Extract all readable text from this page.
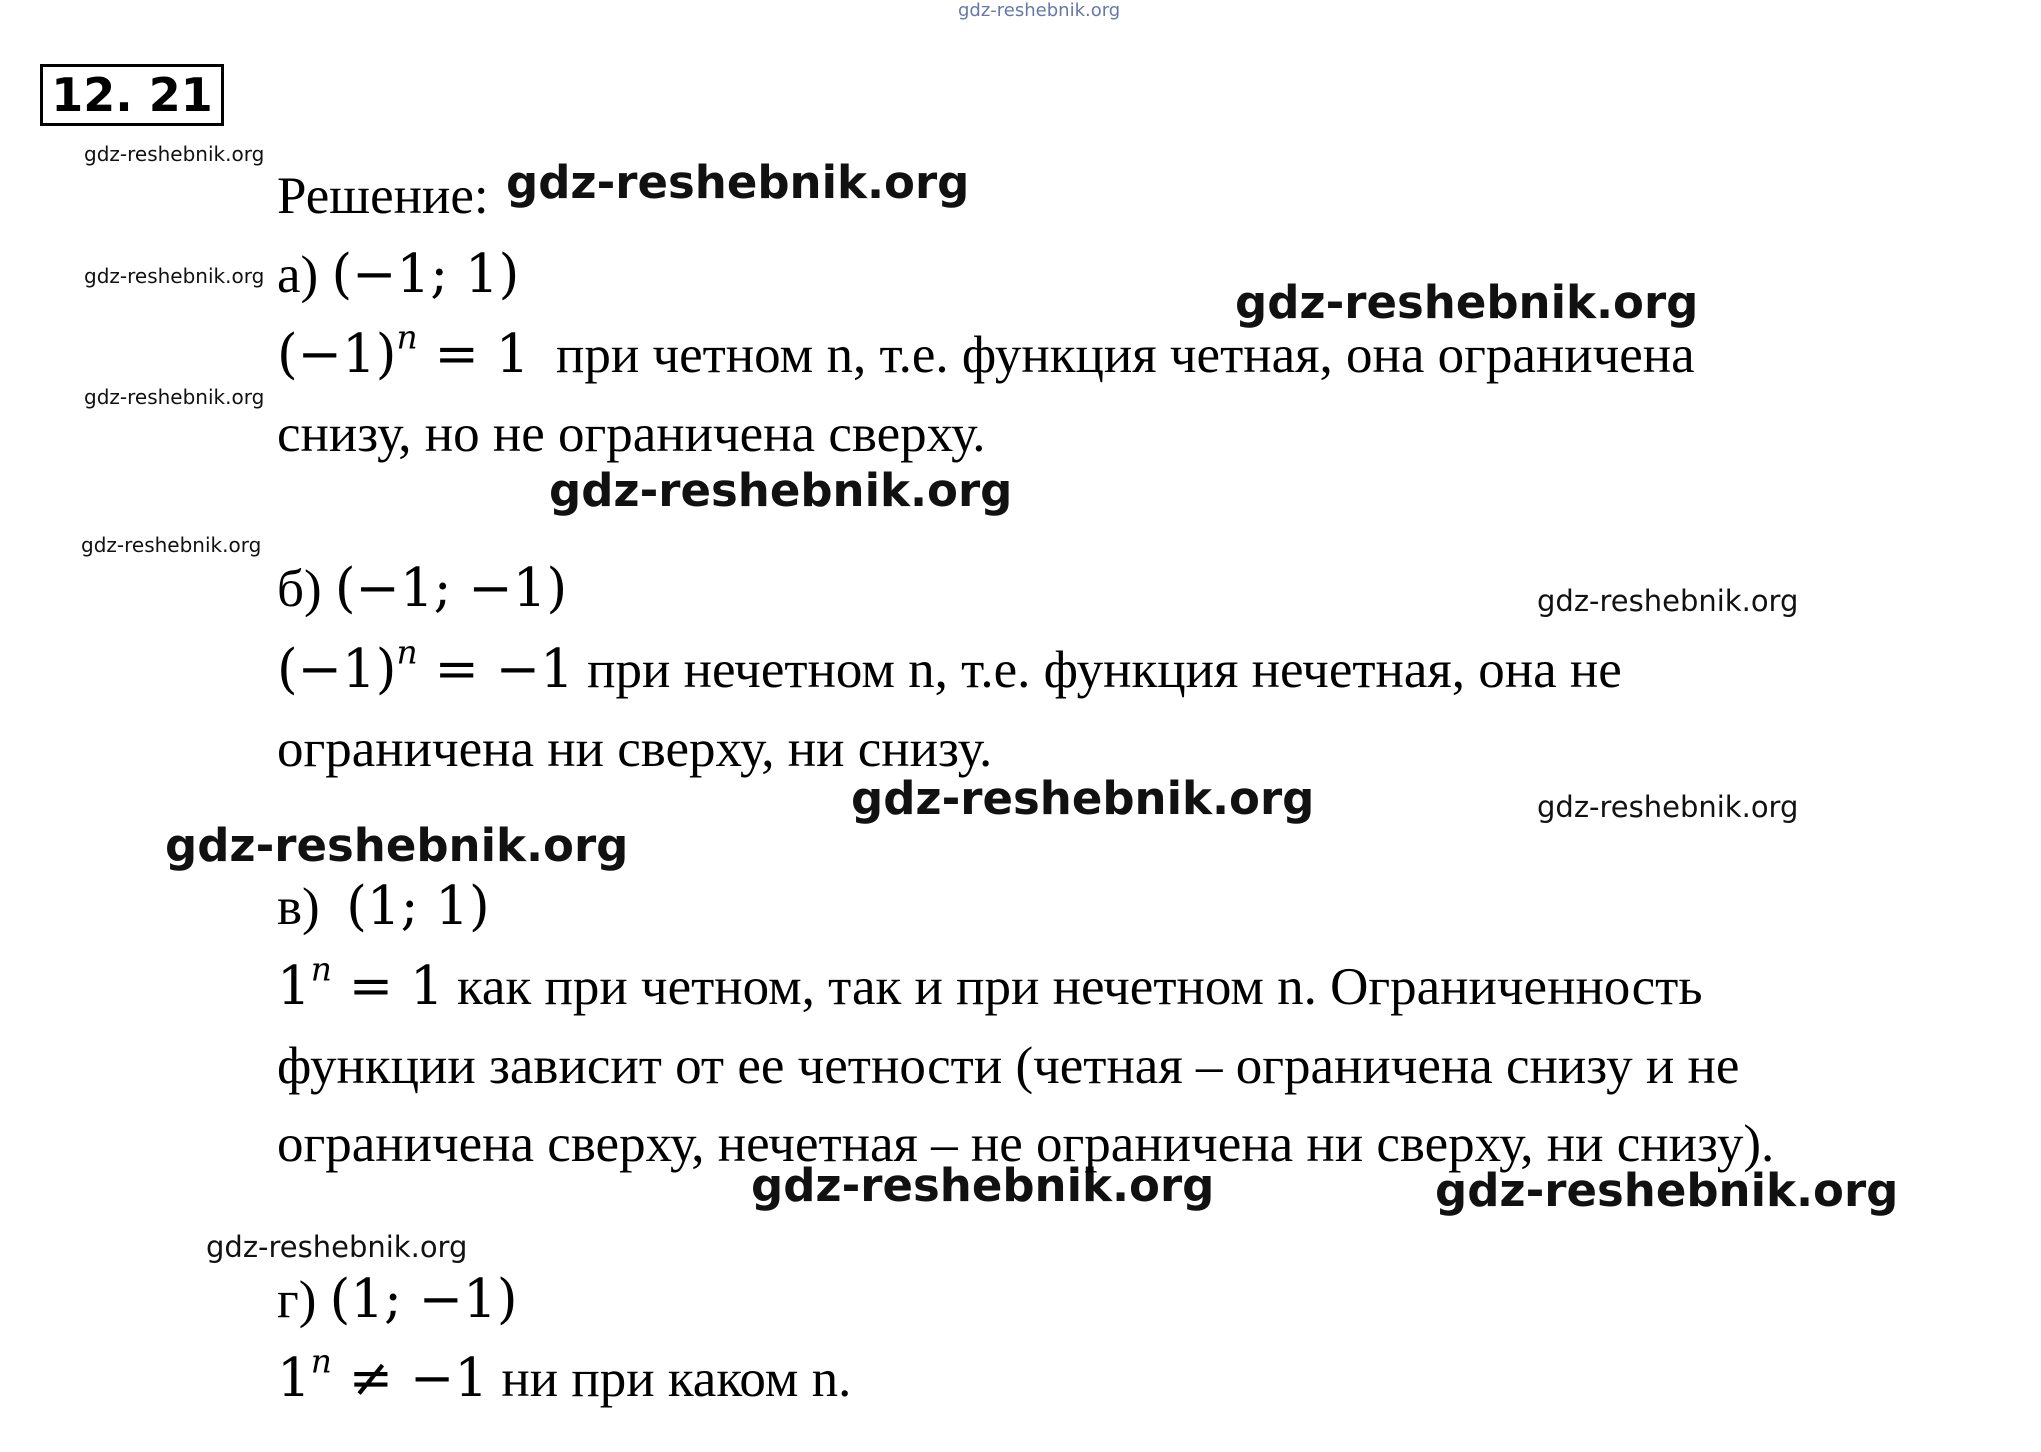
gdz-reshebnik.org
12. 21
gdz-reshebnik.org
gdz-reshebnik.org
gdz-reshebnik.org
gdz-reshebnik.org
gdz-reshebnik.org
gdz-reshebnik.org
gdz-reshebnik.org
gdz-reshebnik.org
gdz-reshebnik.org	gdz-reshebnik.org
gdz-reshebnik.org
gdz-reshebnik.org	gdz-reshebnik.org
gdz-reshebnik.org
Решение:
а) (−1; 1)
$(-1)^n = 1$ при четном n, т.е. функция четная, она ограничена
снизу, но не ограничена сверху.
б) (−1; −1)
$(-1)^n = -1$ при нечетном n, т.е. функция нечетная, она не
ограничена ни сверху, ни снизу.
в) (1; 1)
$1^n = 1$ как при четном, так и при нечетном n. Ограниченность
функции зависит от ее четности (четная – ограничена снизу и не
ограничена сверху, нечетная – не ограничена ни сверху, ни снизу).
г) (1; −1)
$1^n \ne -1$ ни при каком n.
